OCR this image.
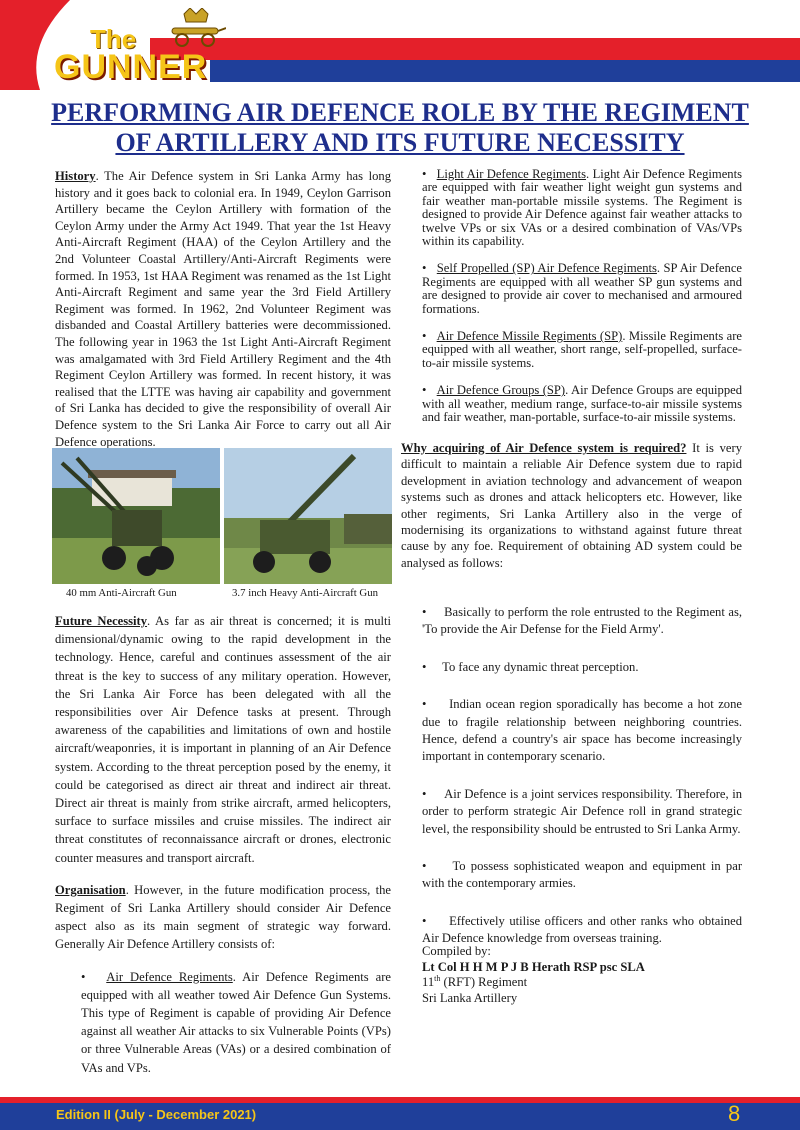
The
GUNNER
PERFORMING AIR DEFENCE ROLE BY THE REGIMENT OF ARTILLERY AND ITS FUTURE NECESSITY

History. The Air Defence system in Sri Lanka Army has long history and it goes back to colonial era. In 1949, Ceylon Garrison Artillery became the Ceylon Artillery with formation of the Ceylon Army under the Army Act 1949. That year the 1st Heavy Anti-Aircraft Regiment (HAA) of the Ceylon Artillery and the 2nd Volunteer Coastal Artillery/Anti-Aircraft Regiments were formed. In 1953, 1st HAA Regiment was renamed as the 1st Light Anti-Aircraft Regiment and same year the 3rd Field Artillery Regiment was formed. In 1962, 2nd Volunteer Regiment was disbanded and Coastal Artillery batteries were decommissioned. The following year in 1963 the 1st Light Anti-Aircraft Regiment was amalgamated with 3rd Field Artillery Regiment and the 4th Regiment Ceylon Artillery was formed. In recent history, it was realised that the LTTE was having air capability and government of Sri Lanka has decided to give the responsibility of overall Air Defence system to the Sri Lanka Air Force to carry out all Air Defence operations.

40 mm Anti-Aircraft Gun	3.7 inch Heavy Anti-Aircraft Gun

Future Necessity. As far as air threat is concerned; it is multi dimensional/dynamic owing to the rapid development in the technology. Hence, careful and continues assessment of the air threat is the key to success of any military operation. However, the Sri Lanka Air Force has been delegated with all the responsibilities over Air Defence tasks at present. Through awareness of the capabilities and limitations of own and hostile aircraft/weaponries, it is important in planning of an Air Defence system. According to the threat perception posed by the enemy, it could be categorised as direct air threat and indirect air threat. Direct air threat is mainly from strike aircraft, armed helicopters, surface to surface missiles and cruise missiles. The indirect air threat constitutes of reconnaissance aircraft or drones, electronic counter measures and transport aircraft.

Organisation. However, in the future modification process, the Regiment of Sri Lanka Artillery should consider Air Defence aspect also as its main segment of strategic way forward. Generally Air Defence Artillery consists of:

•   Air Defence Regiments. Air Defence Regiments are equipped with all weather towed Air Defence Gun Systems. This type of Regiment is capable of providing Air Defence against all weather Air attacks to six Vulnerable Points (VPs) or three Vulnerable Areas (VAs) or a desired combination of VAs and VPs.

•   Light Air Defence Regiments. Light Air Defence Regiments are equipped with fair weather light weight gun systems and fair weather man-portable missile systems. The Regiment is designed to provide Air Defence against fair weather attacks to twelve VPs or six VAs or a desired combination of VAs/VPs within its capability.

•   Self Propelled (SP) Air Defence Regiments. SP Air Defence Regiments are equipped with all weather SP gun systems and are designed to provide air cover to mechanised and armoured formations.

•   Air Defence Missile Regiments (SP). Missile Regiments are equipped with all weather, short range, self-propelled, surface-to-air missile systems.

•   Air Defence Groups (SP). Air Defence Groups are equipped with all weather, medium range, surface-to-air missile systems and fair weather, man-portable, surface-to-air missile systems.

Why acquiring of Air Defence system is required? It is very difficult to maintain a reliable Air Defence system due to rapid development in aviation technology and advancement of weapon systems such as drones and attack helicopters etc. However, like other regiments, Sri Lanka Artillery also in the verge of modernising its organizations to withstand against future threat cause by any foe. Requirement of obtaining AD system could be analysed as follows:

•     Basically to perform the role entrusted to the Regiment as, 'To provide the Air Defense for the Field Army'.

•     To face any dynamic threat perception.

•     Indian ocean region sporadically has become a hot zone due to fragile relationship between neighboring countries. Hence, defend a country's air space has become increasingly important in contemporary scenario.

•     Air Defence is a joint services responsibility. Therefore, in order to perform strategic Air Defence roll in grand strategic level, the responsibility should be entrusted to Sri Lanka Army.

•     To possess sophisticated weapon and equipment in par with the contemporary armies.

•     Effectively utilise officers and other ranks who obtained Air Defence knowledge from overseas training.

Compiled by:
Lt Col H H M P J B Herath RSP psc SLA
11th (RFT) Regiment
Sri Lanka Artillery
Edition II (July - December 2021)	8
